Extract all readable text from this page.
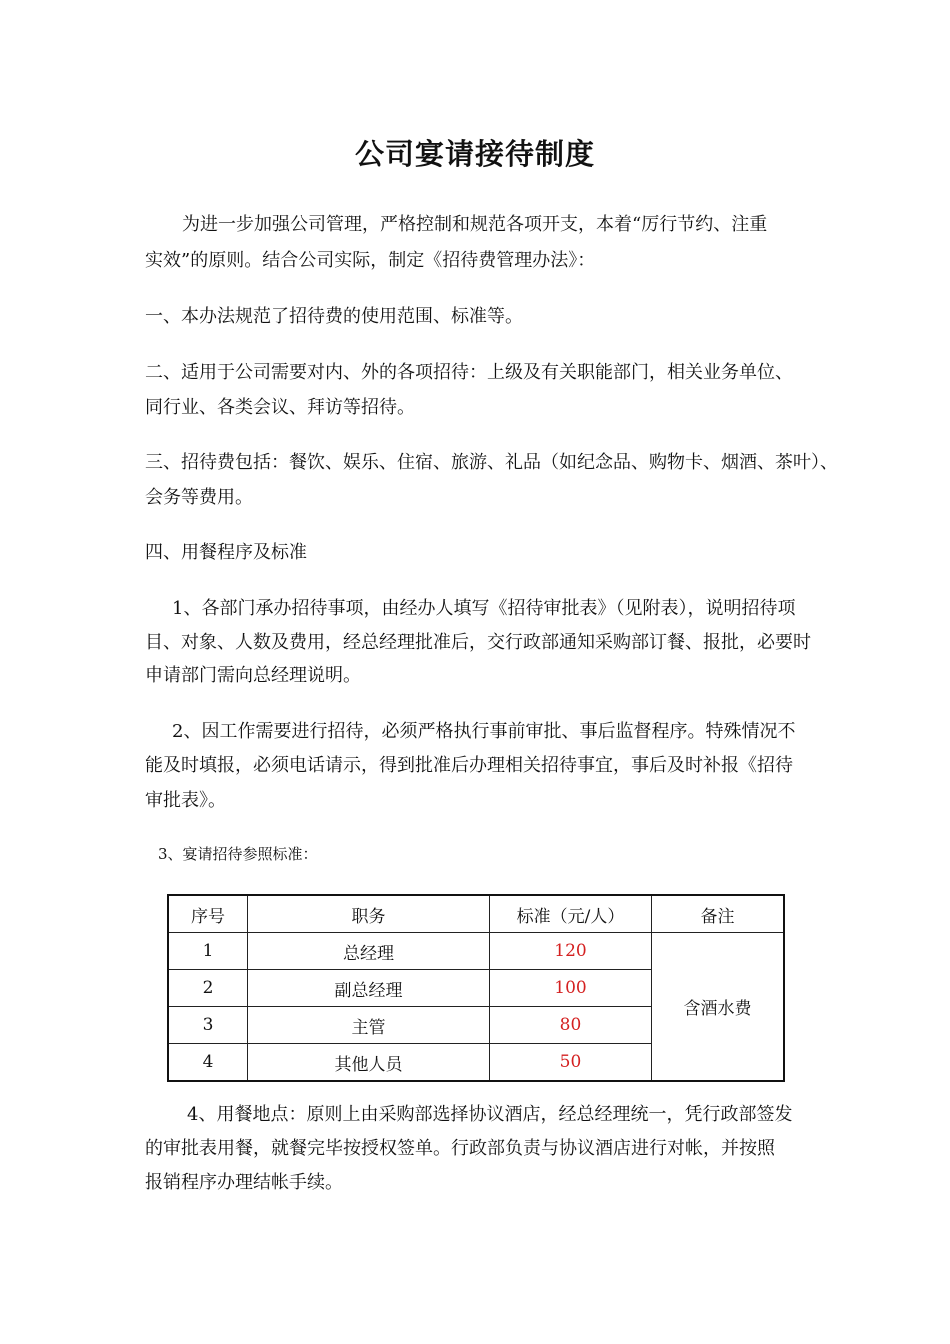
公司宴请接待制度
为进一步加强公司管理，严格控制和规范各项开支，本着“厉行节约、注重
实效”的原则。结合公司实际，制定《招待费管理办法》：
一、本办法规范了招待费的使用范围、标准等。
二、适用于公司需要对内、外的各项招待：上级及有关职能部门，相关业务单位、
同行业、各类会议、拜访等招待。
三、招待费包括：餐饮、娱乐、住宿、旅游、礼品（如纪念品、购物卡、烟酒、茶叶）、
会务等费用。
四、用餐程序及标准
1、各部门承办招待事项，由经办人填写《招待审批表》（见附表），说明招待项
目、对象、人数及费用，经总经理批准后，交行政部通知采购部订餐、报批，必要时
申请部门需向总经理说明。
2、因工作需要进行招待，必须严格执行事前审批、事后监督程序。特殊情况不
能及时填报，必须电话请示，得到批准后办理相关招待事宜，事后及时补报《招待
审批表》。
3、宴请招待参照标准：
序号	职务	标准（元/人）	备注
1	总经理	120	含酒水费
2	副总经理	100	
3	主管	80	
4	其他人员	50	
4、用餐地点：原则上由采购部选择协议酒店，经总经理统一，凭行政部签发
的审批表用餐，就餐完毕按授权签单。行政部负责与协议酒店进行对帐，并按照
报销程序办理结帐手续。
